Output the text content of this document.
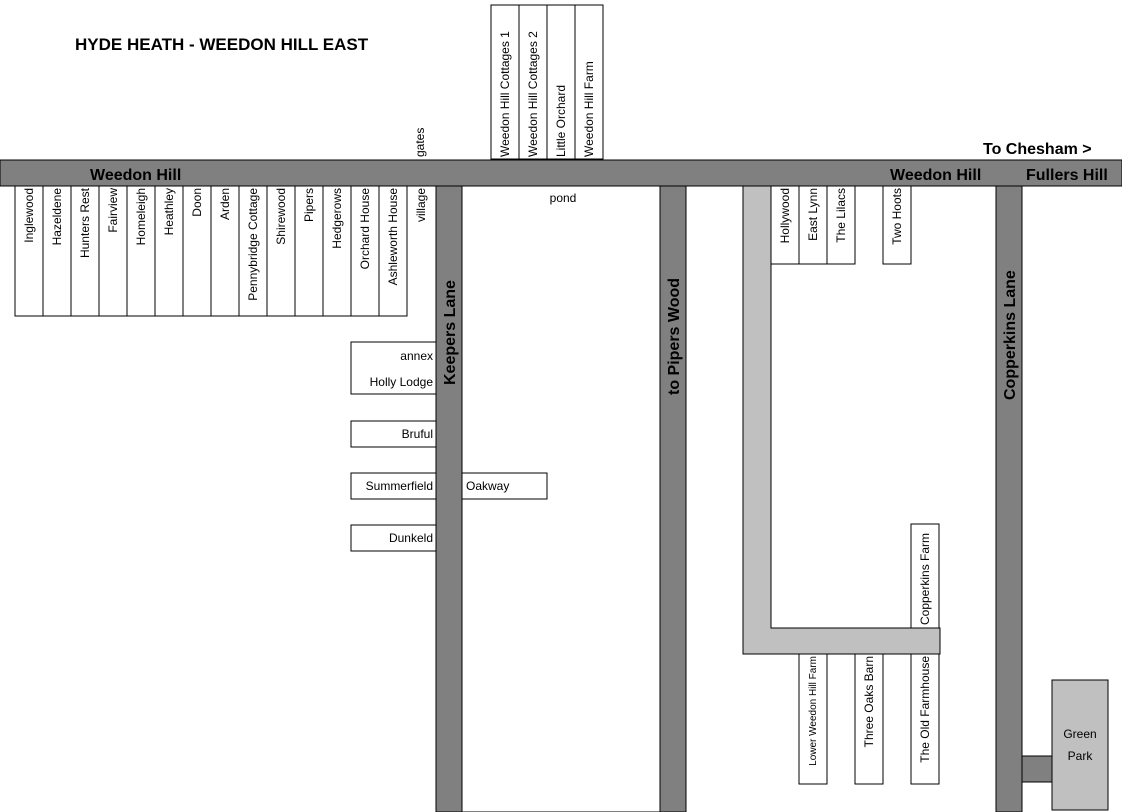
HYDE HEATH - WEEDON HILL EAST
To Chesham >
Weedon Hill Cottages 1 Weedon Hill Cottages 2 Little Orchard Weedon Hill Farm
gates
Weedon Hill	Weedon Hill	Fullers Hill
Keepers Lane	to Pipers Wood	Copperkins Lane
Inglewood Hazeldene Hunters Rest Fairview Homeleigh Heathley Doon Arden Pennybridge Cottage Shirewood Pipers Hedgerows Orchard House Ashleworth House village
annex
Holly Lodge
Bruful
Summerfield
Dunkeld
pond
Oakway
Hollywood East Lynn The Lilacs	Two Hoots
Copperkins Farm
Lower Weedon Hill Farm	Three Oaks Barn	The Old Farmhouse	Green
Park
